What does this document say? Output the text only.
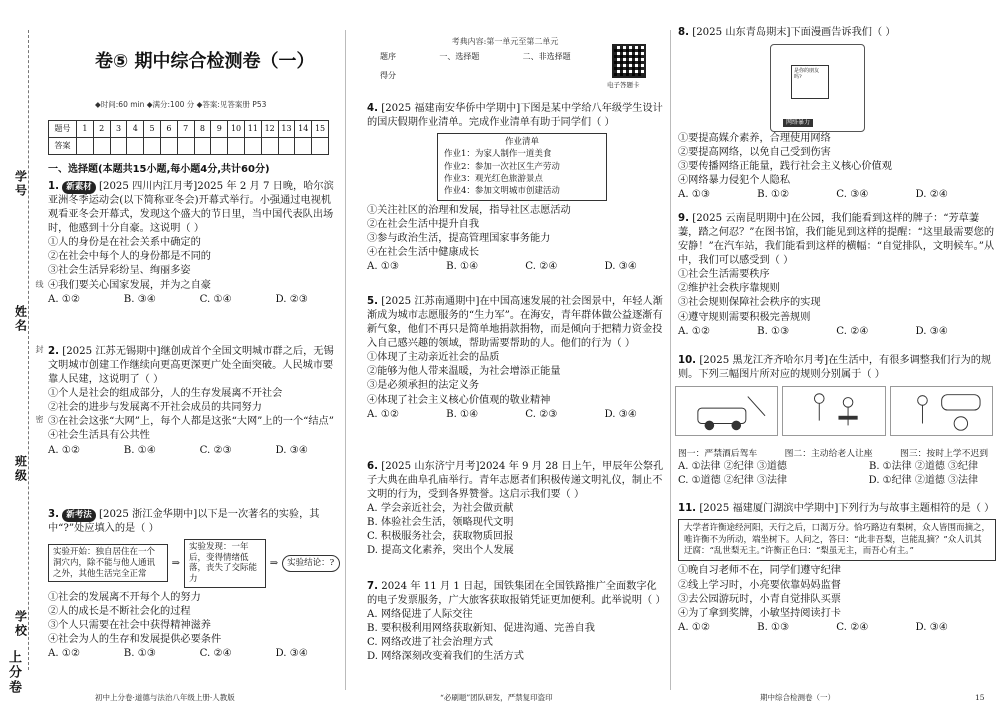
学号
姓名
班级
学校
上分卷
线
封
密
卷⑤ 期中综合检测卷（一）
◆时间:60 min ◆满分:100 分 ◆答案:见答案册 P53
题号	1	2	3	4	5	6	7	8	9	10	11	12	13	14	15
答案															

一、选择题(本题共15小题,每小题4分,共计60分)

1. 新素材 [2025 四川内江月考]2025 年 2 月 7 日晚，哈尔滨亚洲冬季运动会(以下简称亚冬会)开幕式举行。小强通过电视机观看亚冬会开幕式，发现这个盛大的节日里，当中国代表队出场时，他感到十分自豪。这说明（ ）

①人的身份是在社会关系中确定的

②在社会中每个人的身份都是不同的

③社会生活异彩纷呈、绚丽多姿

④我们要关心国家发展，并为之自豪

A. ①②	B. ③④	C. ①④	D. ②③

2. [2025 江苏无锡期中]继创成首个全国文明城市群之后，无锡文明城市创建工作继续向更高更深更广处全面突破。人民城市要靠人民建，这说明了（ ）

①个人是社会的组成部分，人的生存发展离不开社会

②社会的进步与发展离不开社会成员的共同努力

③在社会这张“大网”上，每个人都是这张“大网”上的一个“结点”

④社会生活具有公共性

A. ①②	B. ①④	C. ②③	D. ③④

3. 新考法 [2025 浙江金华期中]以下是一次著名的实验，其中“?”处应填入的是（ ）

实验开始：独自居住在一个洞穴内，除不能与他人通讯之外，其他生活完全正常
⇒
实验发现：一年后，变得情绪低落，丧失了交际能力
⇒	实验结论：?

①社会的发展离不开每个人的努力

②人的成长是不断社会化的过程

③个人只需要在社会中获得精神滋养

④社会为人的生存和发展提供必要条件

A. ①②	B. ①③	C. ②④	D. ③④
初中上分卷·道德与法治八年级上册·人教版
考典内容:第一单元至第二单元
题序	一、选择题	二、非选择题
得分
电子答题卡

4. [2025 福建南安华侨中学期中]下图是某中学给八年级学生设计的国庆假期作业清单。完成作业清单有助于同学们（ ）

作业清单
作业1：为家人制作一道美食
作业2：参加一次社区生产劳动
作业3：观光红色旅游景点
作业4：参加文明城市创建活动

①关注社区的治理和发展，指导社区志愿活动

②在社会生活中提升自我

③参与政治生活，提高管理国家事务能力

④在社会生活中健康成长

A. ①③	B. ①④	C. ②④	D. ③④

5. [2025 江苏南通期中]在中国高速发展的社会图景中，年轻人渐渐成为城市志愿服务的“生力军”。在海安，青年群体做公益逐渐有新气象，他们不再只是简单地捐款捐物，而是倾向于把精力资金投入自己感兴趣的领域，帮助需要帮助的人。他们的行为（ ）

①体现了主动亲近社会的品质

②能够为他人带来温暖，为社会增添正能量

③是必须承担的法定义务

④体现了社会主义核心价值观的敬业精神

A. ①②	B. ①④	C. ②③	D. ③④

6. [2025 山东济宁月考]2024 年 9 月 28 日上午，甲辰年公祭孔子大典在曲阜孔庙举行。青年志愿者们积极传递文明礼仪，制止不文明的行为，受到各界赞誉。这启示我们要（ ）

A. 学会亲近社会，为社会做贡献

B. 体验社会生活，领略现代文明

C. 积极服务社会，获取物质回报

D. 提高文化素养，突出个人发展

7. 2024 年 11 月 1 日起，国铁集团在全国铁路推广全面数字化的电子发票服务，广大旅客获取报销凭证更加便利。此举说明（ ）

A. 网络促进了人际交往

B. 要积极利用网络获取新知、促进沟通、完善自我

C. 网络改进了社会治理方式

D. 网络深刻改变着我们的生活方式

“必刷题”团队研发，严禁复印盗印

8. [2025 山东青岛期末]下面漫画告诉我们（ ）

是你的朋友吗?
网络暴力

①要提高媒介素养，合理使用网络

②要提高网络，以免自己受到伤害

③要传播网络正能量，践行社会主义核心价值观

④网络暴力侵犯个人隐私

A. ①③	B. ①②	C. ③④	D. ②④

9. [2025 云南昆明期中]在公园，我们能看到这样的牌子：“芳草萋萋，踏之何忍？”在图书馆，我们能见到这样的提醒：“这里最需要您的安静！”在汽车站，我们能看到这样的横幅：“自觉排队，文明候车。”从中，我们可以感受到（ ）

①社会生活需要秩序

②维护社会秩序靠规则

③社会规则保障社会秩序的实现

④遵守规则需要积极完善规则

A. ①②	B. ①③	C. ②④	D. ③④

10. [2025 黑龙江齐齐哈尔月考]在生活中，有很多调整我们行为的规则。下列三幅图片所对应的规则分别属于（ ）

图一：严禁酒后驾车	图二：主动给老人让座	图三：按时上学不迟到
A. ①法律 ②纪律 ③道德	B. ①法律 ②道德 ③纪律
C. ①道德 ②纪律 ③法律	D. ①纪律 ②道德 ③法律

11. [2025 福建厦门湖滨中学期中]下列行为与故事主题相符的是（ ）

大学者许衡途经河阳，天行之后，口渴万分。恰巧路边有梨树，众人皆围而摘之，唯许衡不为所动，端坐树下。人问之，答曰：“此非吾梨，岂能乱摘？”众人讥其迂腐：“乱世梨无主。”许衡正色曰：“梨虽无主，而吾心有主。”

①晚自习老师不在，同学们遵守纪律

②线上学习时，小亮要依靠妈妈监督

③去公园游玩时，小青自觉排队买票

④为了拿到奖牌，小敏坚持阅读打卡

A. ①②	B. ①③	C. ②④	D. ③④
期中综合检测卷（一）	15
